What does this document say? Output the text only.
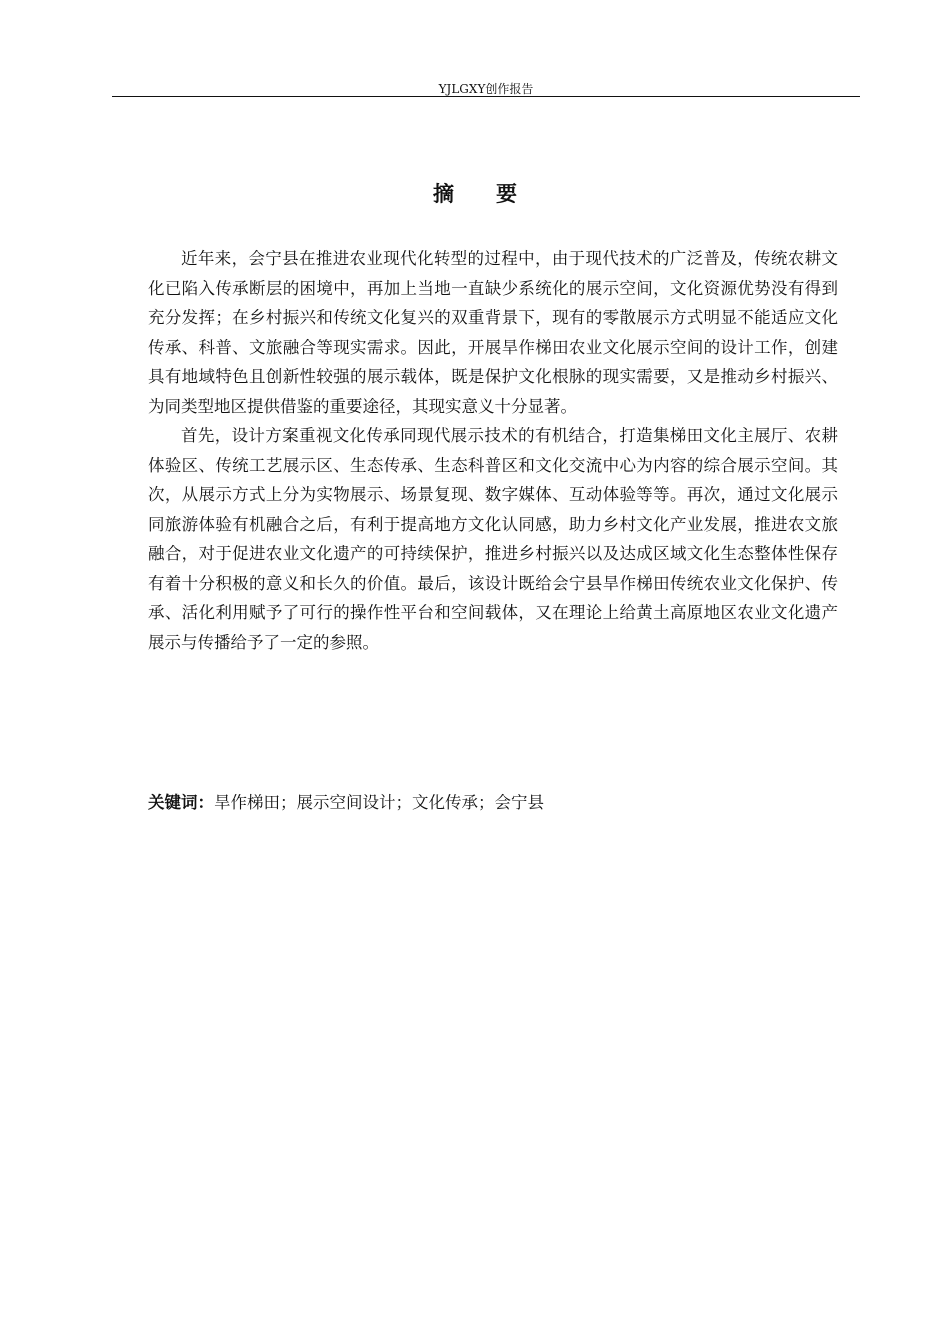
YJLGXY创作报告
摘要

近年来，会宁县在推进农业现代化转型的过程中，由于现代技术的广泛普及，传统农耕文化已陷入传承断层的困境中，再加上当地一直缺少系统化的展示空间，文化资源优势没有得到充分发挥；在乡村振兴和传统文化复兴的双重背景下，现有的零散展示方式明显不能适应文化传承、科普、文旅融合等现实需求。因此，开展旱作梯田农业文化展示空间的设计工作，创建具有地域特色且创新性较强的展示载体，既是保护文化根脉的现实需要，又是推动乡村振兴、为同类型地区提供借鉴的重要途径，其现实意义十分显著。

首先，设计方案重视文化传承同现代展示技术的有机结合，打造集梯田文化主展厅、农耕体验区、传统工艺展示区、生态传承、生态科普区和文化交流中心为内容的综合展示空间。其次，从展示方式上分为实物展示、场景复现、数字媒体、互动体验等等。再次，通过文化展示同旅游体验有机融合之后，有利于提高地方文化认同感，助力乡村文化产业发展，推进农文旅融合，对于促进农业文化遗产的可持续保护，推进乡村振兴以及达成区域文化生态整体性保存有着十分积极的意义和长久的价值。最后，该设计既给会宁县旱作梯田传统农业文化保护、传承、活化利用赋予了可行的操作性平台和空间载体，又在理论上给黄土高原地区农业文化遗产展示与传播给予了一定的参照。

关键词：旱作梯田；展示空间设计；文化传承；会宁县
